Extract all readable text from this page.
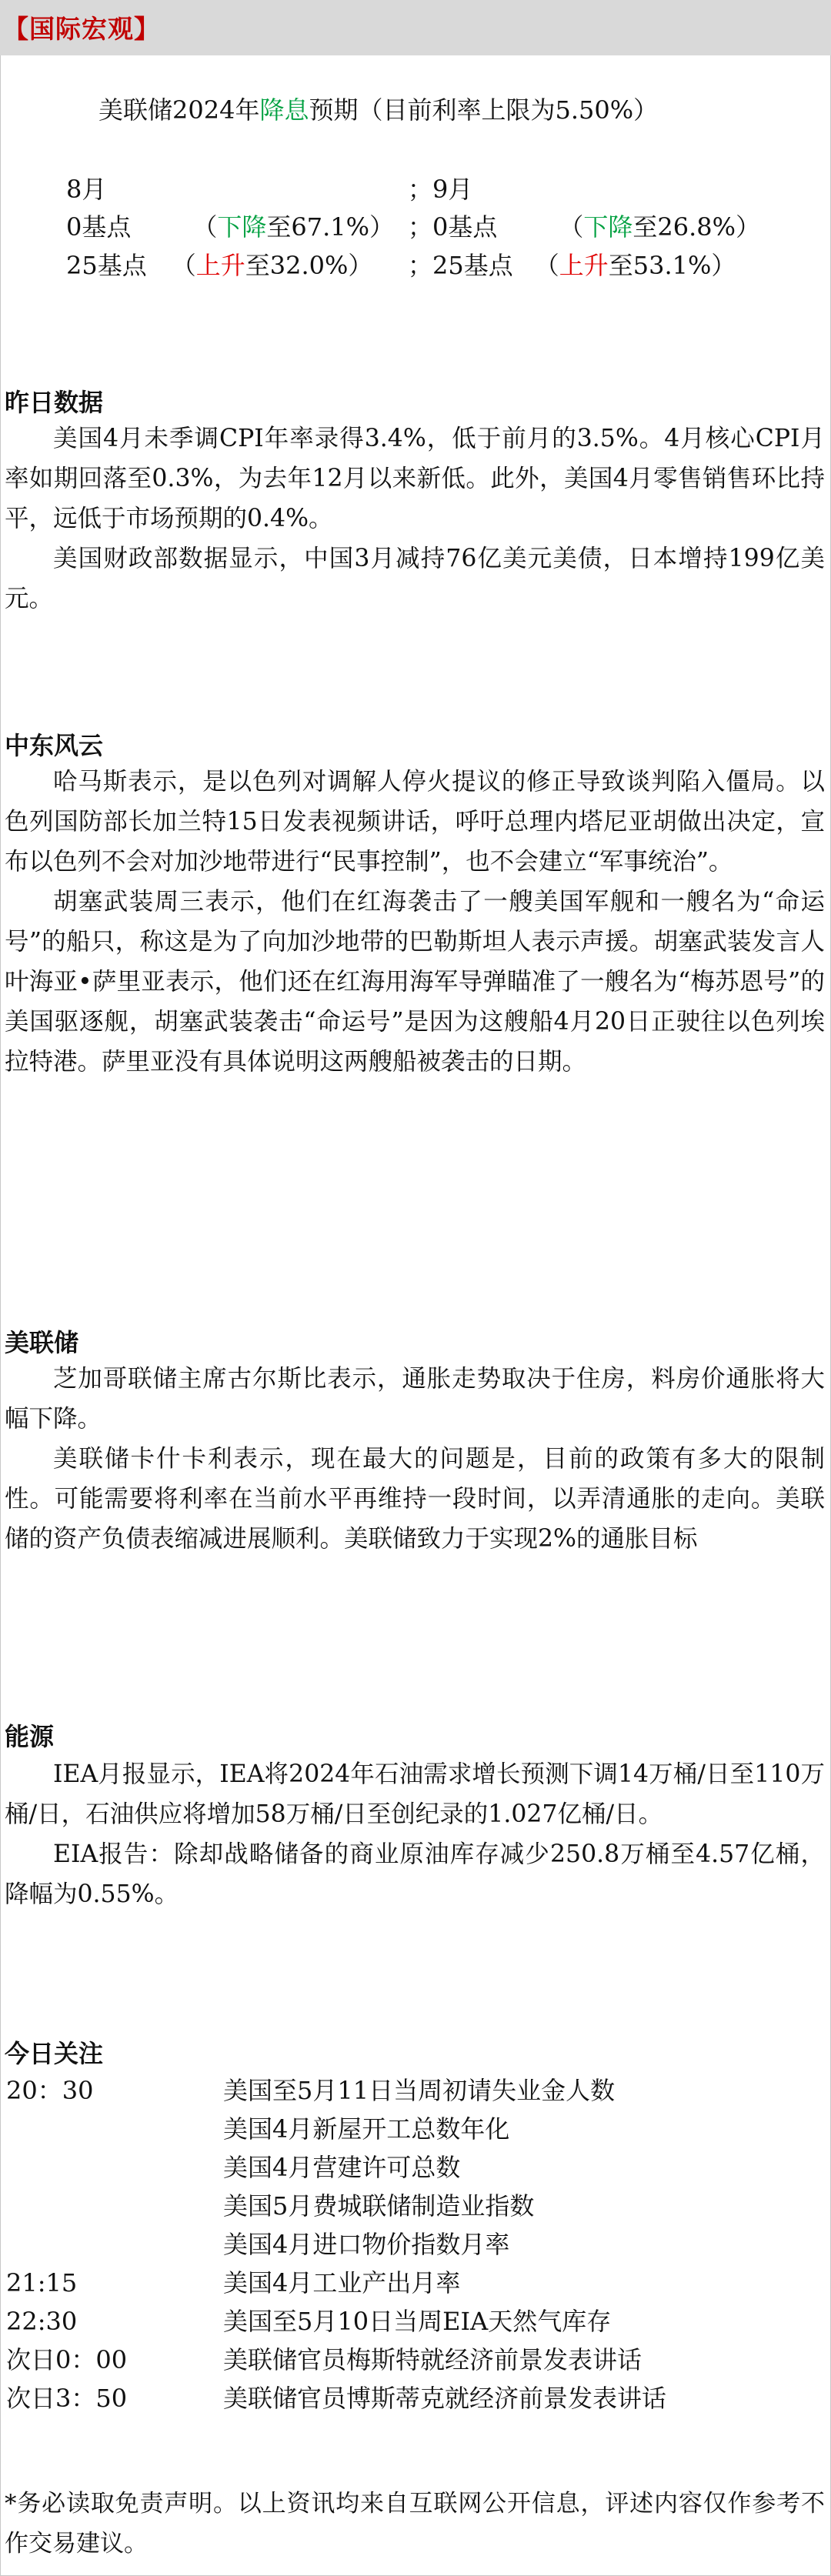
【国际宏观】
美联储2024年降息预期（目前利率上限为5.50%）
8月	；9月
0基点	（下降至67.1%） ；0基点	（下降至26.8%）
25基点 （上升至32.0%） ；25基点 （上升至53.1%）
昨日数据

美国4月未季调CPI年率录得3.4%，低于前月的3.5%。4月核心CPI月率如期回落至0.3%，为去年12月以来新低。此外，美国4月零售销售环比持平，远低于市场预期的0.4%。

美国财政部数据显示，中国3月减持76亿美元美债，日本增持199亿美元。

中东风云

哈马斯表示，是以色列对调解人停火提议的修正导致谈判陷入僵局。以色列国防部长加兰特15日发表视频讲话，呼吁总理内塔尼亚胡做出决定，宣布以色列不会对加沙地带进行“民事控制”，也不会建立“军事统治”。

胡塞武装周三表示，他们在红海袭击了一艘美国军舰和一艘名为“命运号”的船只，称这是为了向加沙地带的巴勒斯坦人表示声援。胡塞武装发言人叶海亚•萨里亚表示，他们还在红海用海军导弹瞄准了一艘名为“梅苏恩号”的美国驱逐舰，胡塞武装袭击“命运号”是因为这艘船4月20日正驶往以色列埃拉特港。萨里亚没有具体说明这两艘船被袭击的日期。

美联储

芝加哥联储主席古尔斯比表示，通胀走势取决于住房，料房价通胀将大幅下降。

美联储卡什卡利表示，现在最大的问题是，目前的政策有多大的限制性。可能需要将利率在当前水平再维持一段时间，以弄清通胀的走向。美联储的资产负债表缩减进展顺利。美联储致力于实现2%的通胀目标

能源

IEA月报显示，IEA将2024年石油需求增长预测下调14万桶/日至110万桶/日，石油供应将增加58万桶/日至创纪录的1.027亿桶/日。

EIA报告：除却战略储备的商业原油库存减少250.8万桶至4.57亿桶，降幅为0.55%。

今日关注
20：30	美国至5月11日当周初请失业金人数
美国4月新屋开工总数年化
美国4月营建许可总数
美国5月费城联储制造业指数
美国4月进口物价指数月率
21:15	美国4月工业产出月率
22:30	美国至5月10日当周EIA天然气库存
次日0：00	美联储官员梅斯特就经济前景发表讲话
次日3：50	美联储官员博斯蒂克就经济前景发表讲话
*务必读取免责声明。以上资讯均来自互联网公开信息，评述内容仅作参考不作交易建议。
